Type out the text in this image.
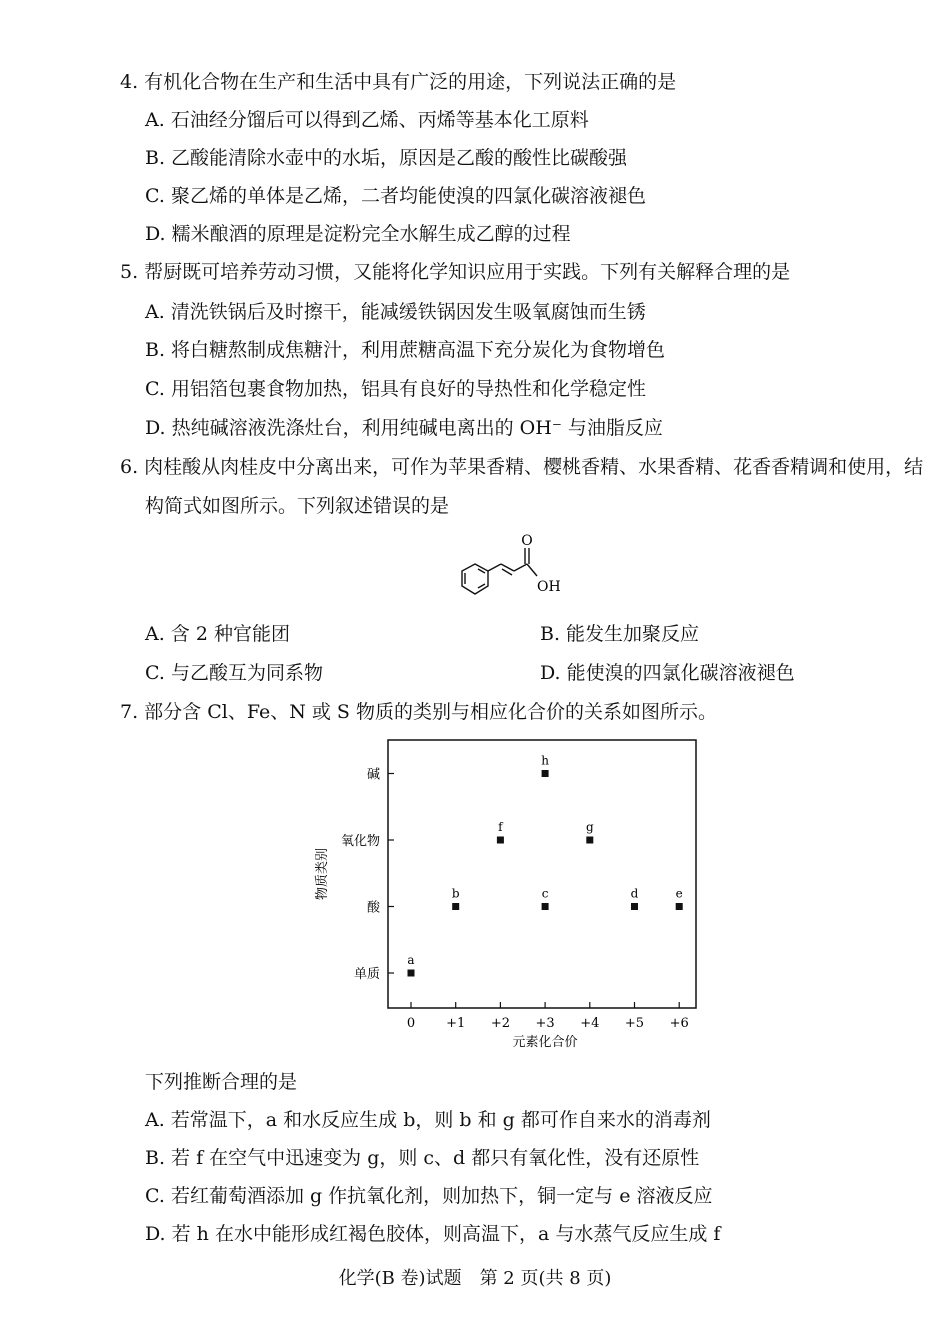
4. 有机化合物在生产和生活中具有广泛的用途，下列说法正确的是
A. 石油经分馏后可以得到乙烯、丙烯等基本化工原料
B. 乙酸能清除水壶中的水垢，原因是乙酸的酸性比碳酸强
C. 聚乙烯的单体是乙烯，二者均能使溴的四氯化碳溶液褪色
D. 糯米酿酒的原理是淀粉完全水解生成乙醇的过程
5. 帮厨既可培养劳动习惯，又能将化学知识应用于实践。下列有关解释合理的是
A. 清洗铁锅后及时擦干，能减缓铁锅因发生吸氧腐蚀而生锈
B. 将白糖熬制成焦糖汁，利用蔗糖高温下充分炭化为食物增色
C. 用铝箔包裹食物加热，铝具有良好的导热性和化学稳定性
D. 热纯碱溶液洗涤灶台，利用纯碱电离出的 OH⁻ 与油脂反应
6. 肉桂酸从肉桂皮中分离出来，可作为苹果香精、樱桃香精、水果香精、花香香精调和使用，结
构简式如图所示。下列叙述错误的是
O
OH
A. 含 2 种官能团	B. 能发生加聚反应
C. 与乙酸互为同系物	D. 能使溴的四氯化碳溶液褪色
7. 部分含 Cl、Fe、N 或 S 物质的类别与相应化合价的关系如图所示。
0 +1 +2 +3 +4 +5 +6
单质
酸
氧化物
碱
a
b
f
c
h
g
d	e
元素化合价
物质类别
下列推断合理的是
A. 若常温下，a 和水反应生成 b，则 b 和 g 都可作自来水的消毒剂
B. 若 f 在空气中迅速变为 g，则 c、d 都只有氧化性，没有还原性
C. 若红葡萄酒添加 g 作抗氧化剂，则加热下，铜一定与 e 溶液反应
D. 若 h 在水中能形成红褐色胶体，则高温下，a 与水蒸气反应生成 f
化学(B 卷)试题　第 2 页(共 8 页)
